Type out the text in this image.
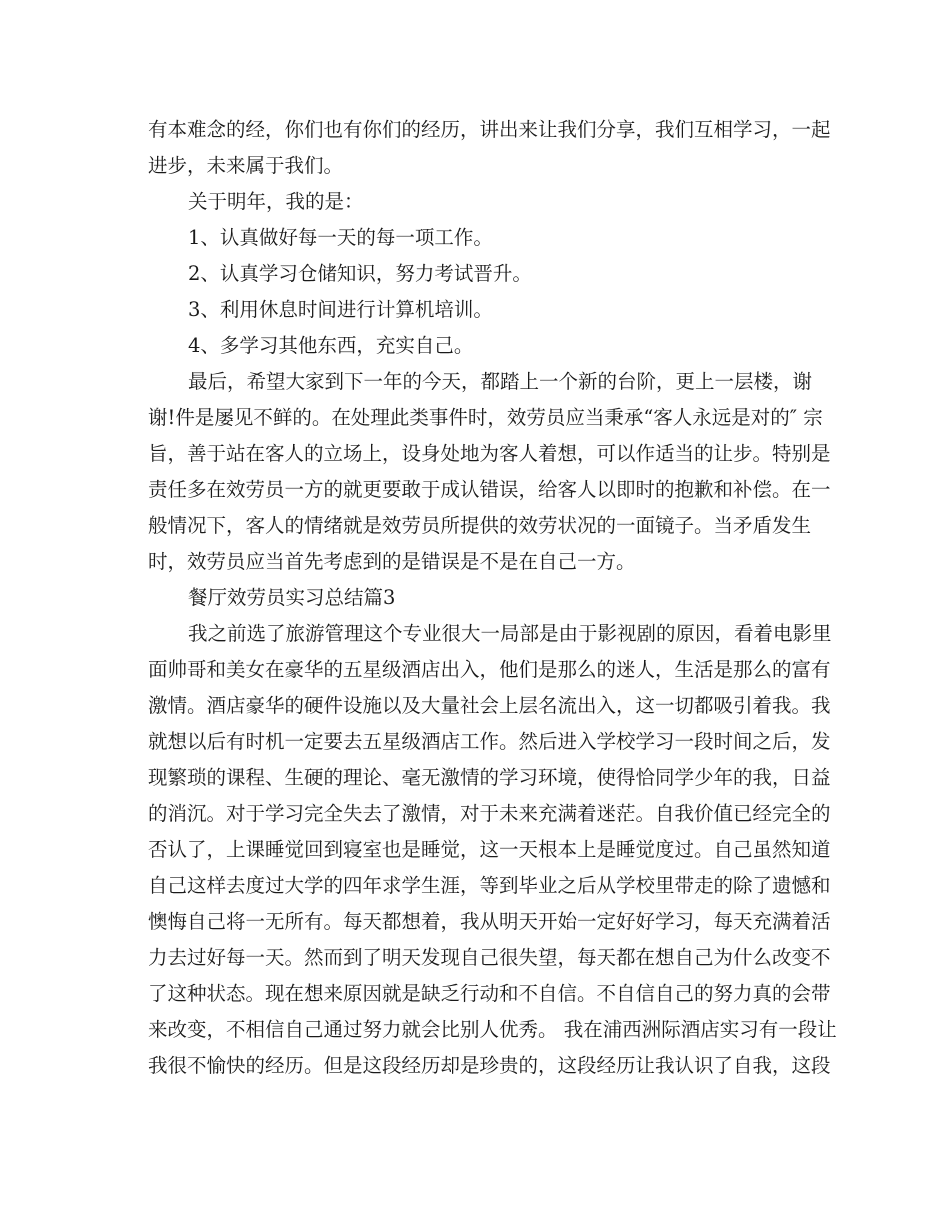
有本难念的经，你们也有你们的经历，讲出来让我们分享，我们互相学习，一起
进步，未来属于我们。
关于明年，我的是：
1、认真做好每一天的每一项工作。
2、认真学习仓储知识，努力考试晋升。
3、利用休息时间进行计算机培训。
4、多学习其他东西，充实自己。
最后，希望大家到下一年的今天，都踏上一个新的台阶，更上一层楼，谢
谢!件是屡见不鲜的。在处理此类事件时，效劳员应当秉承“客人永远是对的″ 宗
旨，善于站在客人的立场上，设身处地为客人着想，可以作适当的让步。特别是
责任多在效劳员一方的就更要敢于成认错误，给客人以即时的抱歉和补偿。在一
般情况下，客人的情绪就是效劳员所提供的效劳状况的一面镜子。当矛盾发生
时，效劳员应当首先考虑到的是错误是不是在自己一方。
餐厅效劳员实习总结篇3
我之前选了旅游管理这个专业很大一局部是由于影视剧的原因，看着电影里
面帅哥和美女在豪华的五星级酒店出入，他们是那么的迷人，生活是那么的富有
激情。酒店豪华的硬件设施以及大量社会上层名流出入，这一切都吸引着我。我
就想以后有时机一定要去五星级酒店工作。然后进入学校学习一段时间之后，发
现繁琐的课程、生硬的理论、毫无激情的学习环境，使得恰同学少年的我，日益
的消沉。对于学习完全失去了激情，对于未来充满着迷茫。自我价值已经完全的
否认了，上课睡觉回到寝室也是睡觉，这一天根本上是睡觉度过。自己虽然知道
自己这样去度过大学的四年求学生涯，等到毕业之后从学校里带走的除了遗憾和
懊悔自己将一无所有。每天都想着，我从明天开始一定好好学习，每天充满着活
力去过好每一天。然而到了明天发现自己很失望，每天都在想自己为什么改变不
了这种状态。现在想来原因就是缺乏行动和不自信。不自信自己的努力真的会带
来改变，不相信自己通过努力就会比别人优秀。 我在浦西洲际酒店实习有一段让
我很不愉快的经历。但是这段经历却是珍贵的，这段经历让我认识了自我，这段
